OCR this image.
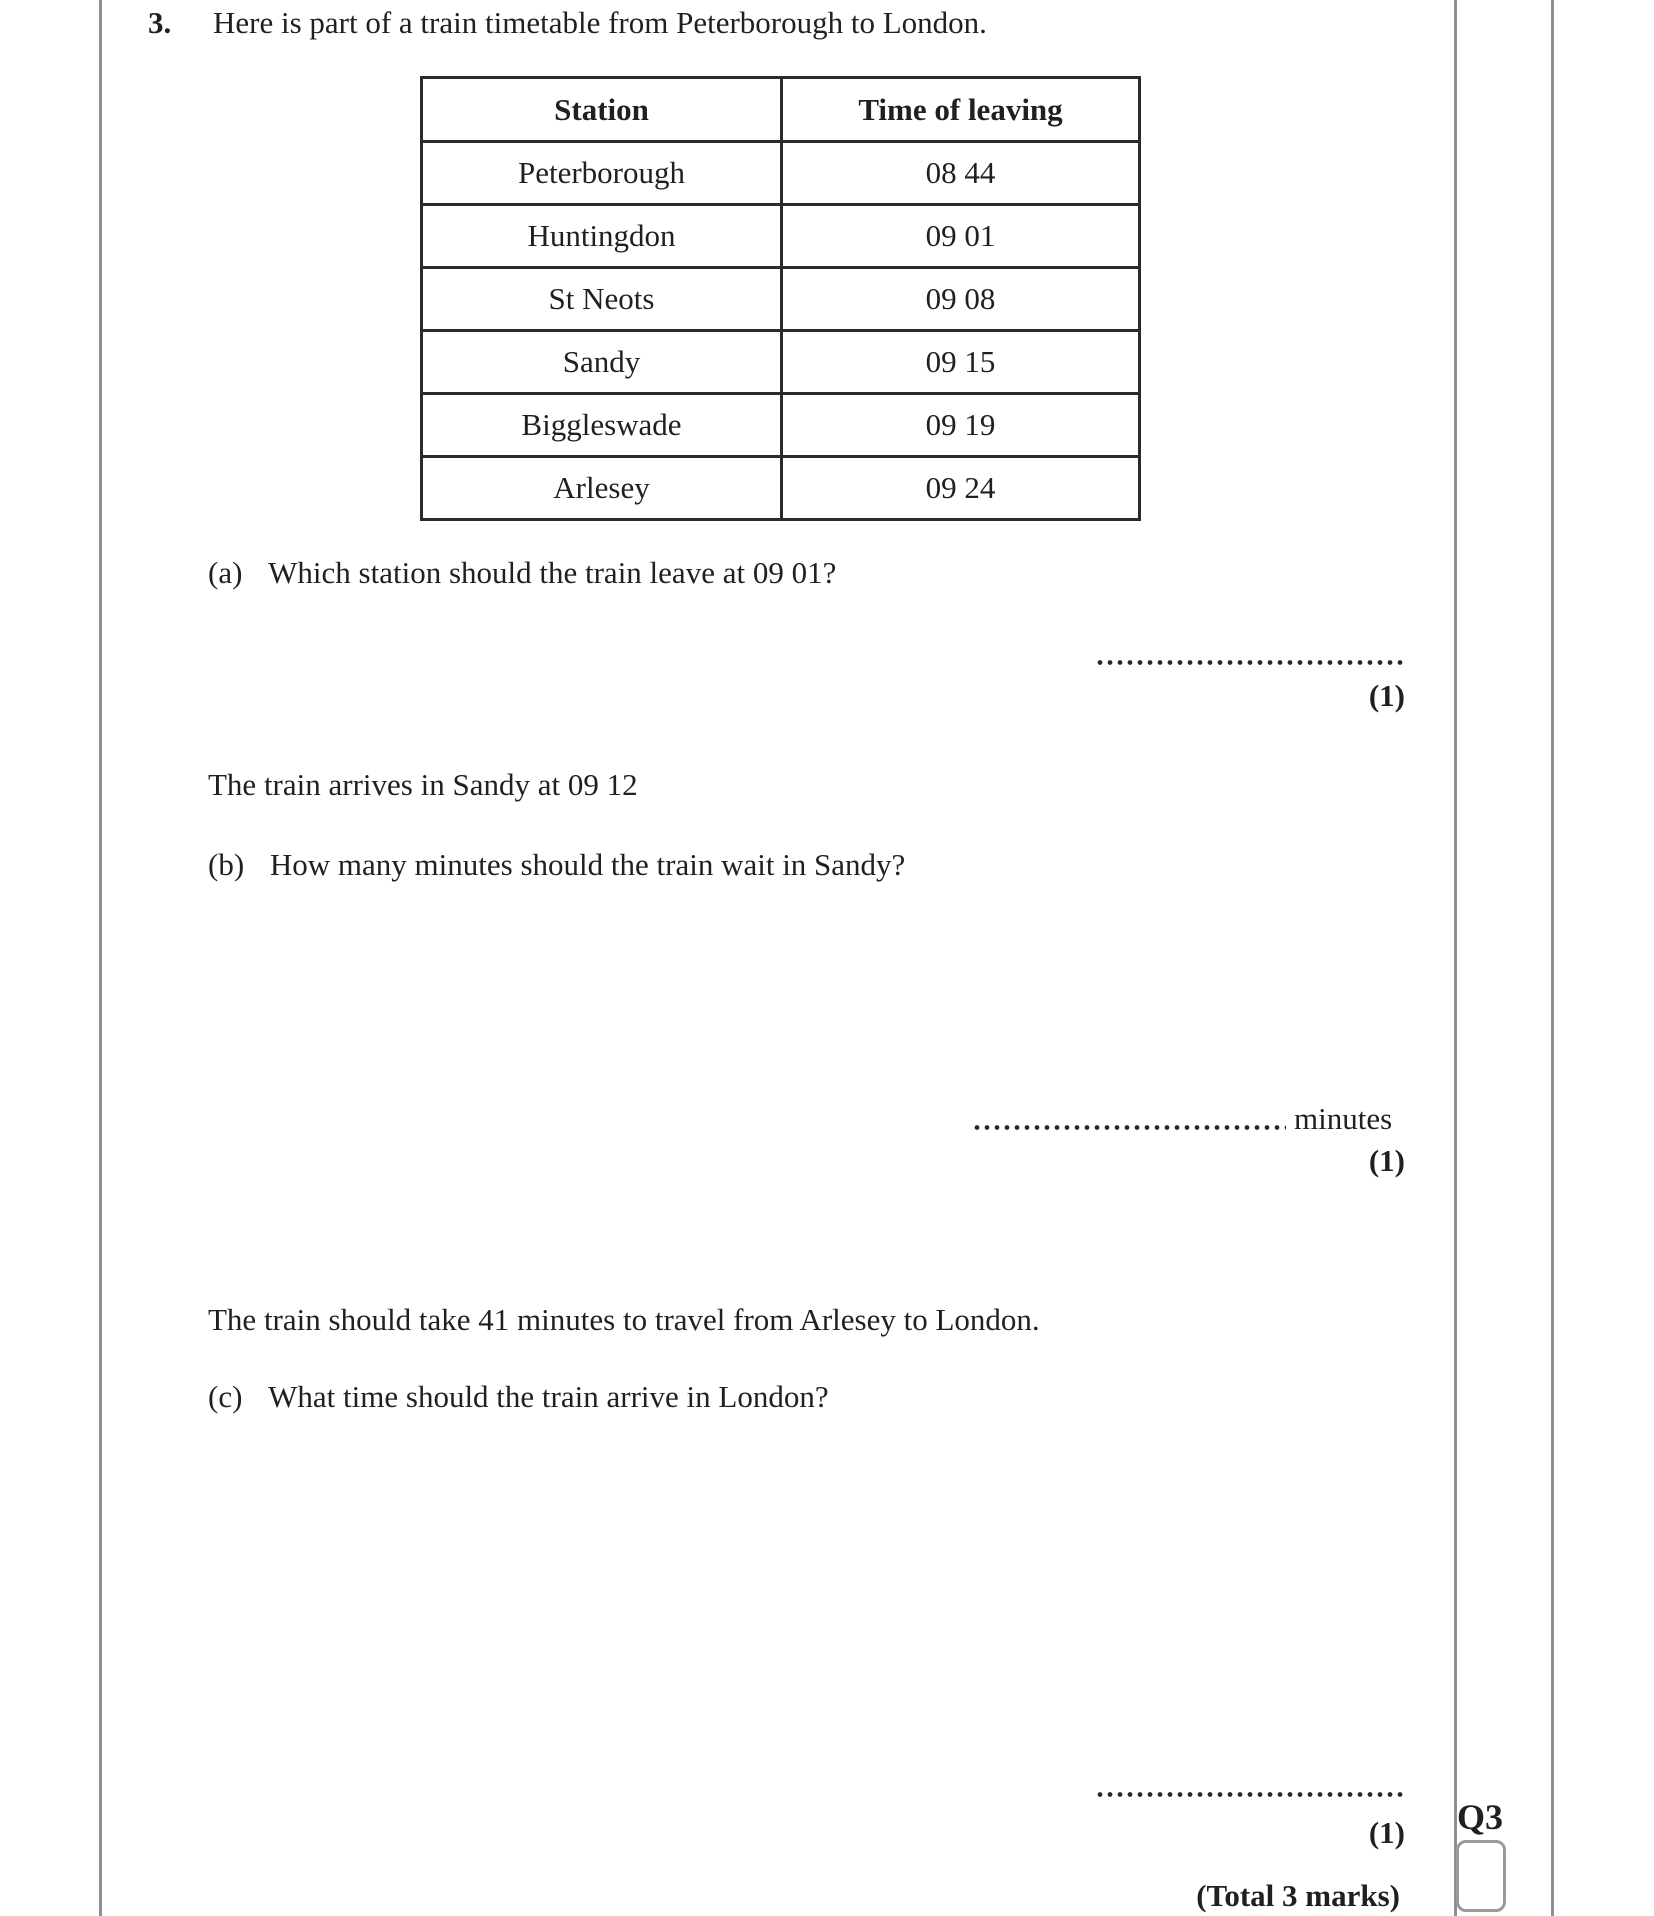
3. Here is part of a train timetable from Peterborough to London.
Station	Time of leaving
Peterborough	08 44
Huntingdon	09 01
St Neots	09 08
Sandy	09 15
Biggleswade	09 19
Arlesey	09 24
(a) Which station should the train leave at 09 01?
(1)
The train arrives in Sandy at 09 12
(b) How many minutes should the train wait in Sandy?
minutes
(1)
The train should take 41 minutes to travel from Arlesey to London.
(c) What time should the train arrive in London?
(1) Q3
(Total 3 marks)
